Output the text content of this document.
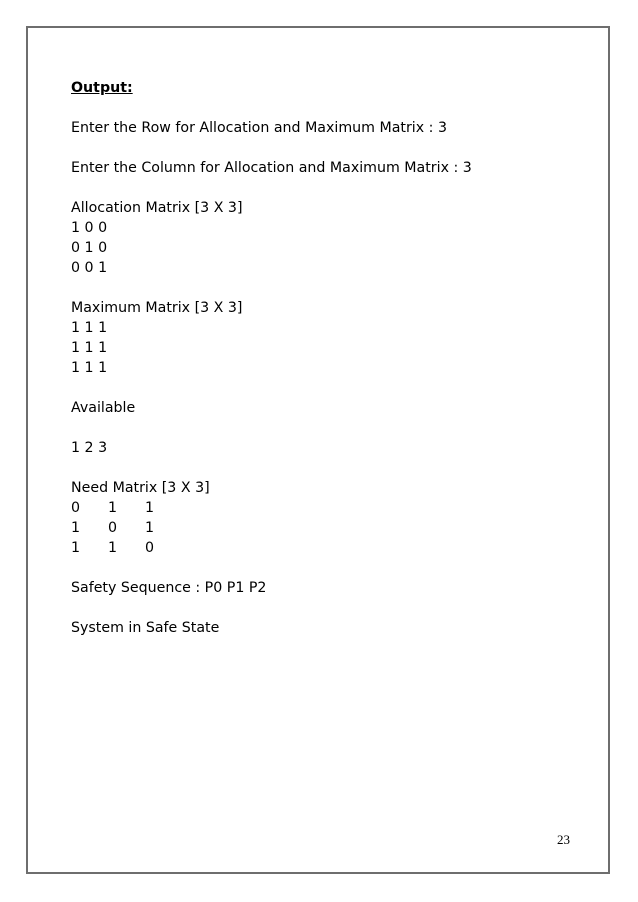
Output:
Enter the Row for Allocation and Maximum Matrix : 3
Enter the Column for Allocation and Maximum Matrix : 3
Allocation Matrix [3 X 3]
1 0 0
0 1 0
0 0 1
Maximum Matrix [3 X 3]
1 1 1
1 1 1
1 1 1
Available
1 2 3
Need Matrix [3 X 3]
0	1	1
1	0	1
1	1	0
Safety Sequence : P0 P1 P2
System in Safe State
23
